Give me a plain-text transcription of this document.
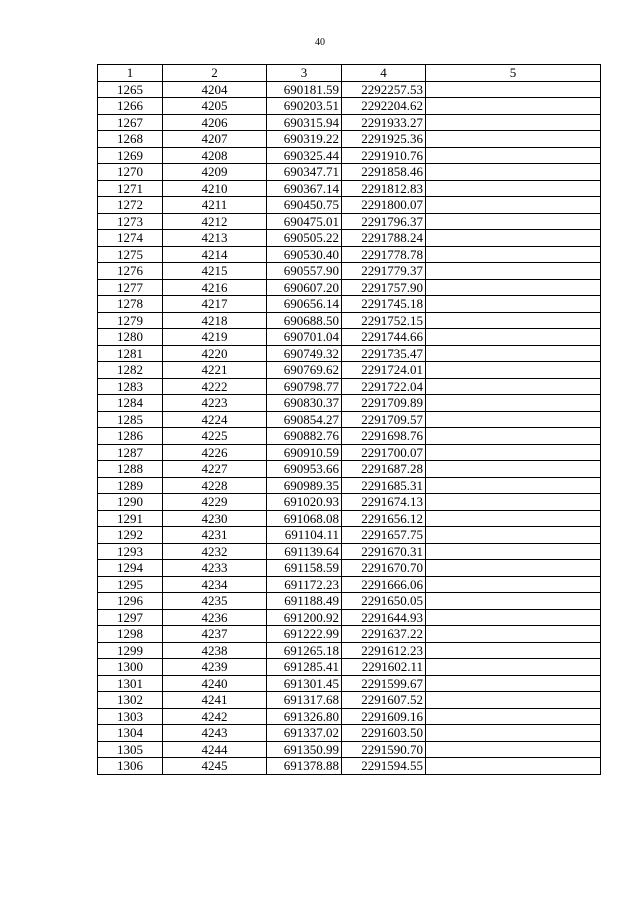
40
1	2	3	4	5
1265	4204	690181.59	2292257.53	
1266	4205	690203.51	2292204.62	
1267	4206	690315.94	2291933.27	
1268	4207	690319.22	2291925.36	
1269	4208	690325.44	2291910.76	
1270	4209	690347.71	2291858.46	
1271	4210	690367.14	2291812.83	
1272	4211	690450.75	2291800.07	
1273	4212	690475.01	2291796.37	
1274	4213	690505.22	2291788.24	
1275	4214	690530.40	2291778.78	
1276	4215	690557.90	2291779.37	
1277	4216	690607.20	2291757.90	
1278	4217	690656.14	2291745.18	
1279	4218	690688.50	2291752.15	
1280	4219	690701.04	2291744.66	
1281	4220	690749.32	2291735.47	
1282	4221	690769.62	2291724.01	
1283	4222	690798.77	2291722.04	
1284	4223	690830.37	2291709.89	
1285	4224	690854.27	2291709.57	
1286	4225	690882.76	2291698.76	
1287	4226	690910.59	2291700.07	
1288	4227	690953.66	2291687.28	
1289	4228	690989.35	2291685.31	
1290	4229	691020.93	2291674.13	
1291	4230	691068.08	2291656.12	
1292	4231	691104.11	2291657.75	
1293	4232	691139.64	2291670.31	
1294	4233	691158.59	2291670.70	
1295	4234	691172.23	2291666.06	
1296	4235	691188.49	2291650.05	
1297	4236	691200.92	2291644.93	
1298	4237	691222.99	2291637.22	
1299	4238	691265.18	2291612.23	
1300	4239	691285.41	2291602.11	
1301	4240	691301.45	2291599.67	
1302	4241	691317.68	2291607.52	
1303	4242	691326.80	2291609.16	
1304	4243	691337.02	2291603.50	
1305	4244	691350.99	2291590.70	
1306	4245	691378.88	2291594.55	
